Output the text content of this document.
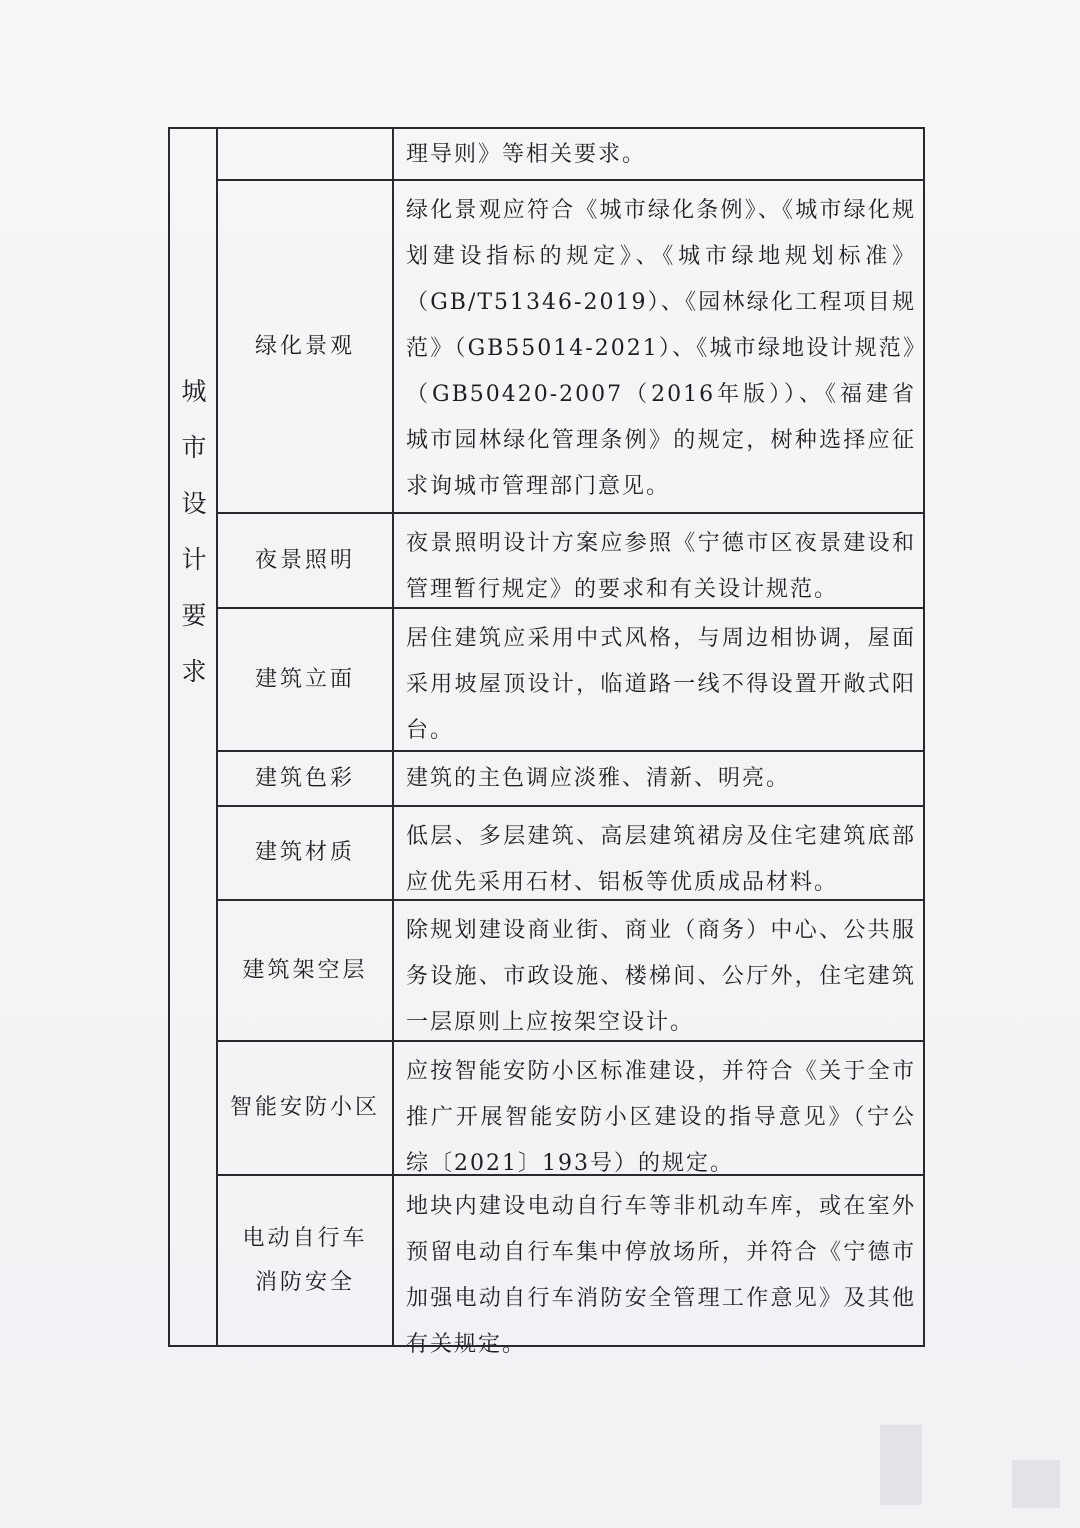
城
市
设
计
要
求
理导则》等相关要求。
绿化景观
绿化景观应符合《城市绿化条例》、《城市绿化规划建设指标的规定》、《城市绿地规划标准》（GB/T51346-2019）、《园林绿化工程项目规范》（GB55014-2021）、《城市绿地设计规范》（GB50420-2007（2016年版））、《福建省城市园林绿化管理条例》的规定，树种选择应征求询城市管理部门意见。
夜景照明
夜景照明设计方案应参照《宁德市区夜景建设和管理暂行规定》的要求和有关设计规范。
建筑立面
居住建筑应采用中式风格，与周边相协调，屋面采用坡屋顶设计，临道路一线不得设置开敞式阳台。
建筑色彩	建筑的主色调应淡雅、清新、明亮。
建筑材质
低层、多层建筑、高层建筑裙房及住宅建筑底部应优先采用石材、铝板等优质成品材料。
建筑架空层
除规划建设商业街、商业（商务）中心、公共服务设施、市政设施、楼梯间、公厅外，住宅建筑一层原则上应按架空设计。
智能安防小区
应按智能安防小区标准建设，并符合《关于全市推广开展智能安防小区建设的指导意见》（宁公综〔2021〕193号）的规定。
电动自行车
消防安全
地块内建设电动自行车等非机动车库，或在室外预留电动自行车集中停放场所，并符合《宁德市加强电动自行车消防安全管理工作意见》及其他有关规定。
